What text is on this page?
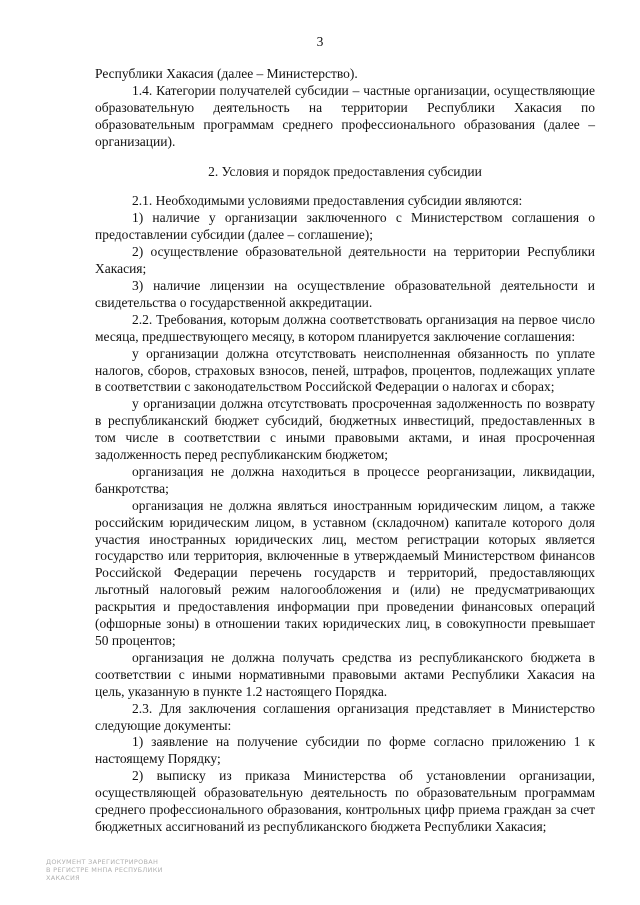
3

Республики Хакасия (далее – Министерство).

1.4. Категории получателей субсидии – частные организации, осуществляющие образовательную деятельность на территории Республики Хакасия по образовательным программам среднего профессионального образования (далее – организации).

2. Условия и порядок предоставления субсидии

2.1. Необходимыми условиями предоставления субсидии являются:

1) наличие у организации заключенного с Министерством соглашения о предоставлении субсидии (далее – соглашение);

2) осуществление образовательной деятельности на территории Республики Хакасия;

3) наличие лицензии на осуществление образовательной деятельности и свидетельства о государственной аккредитации.

2.2. Требования, которым должна соответствовать организация на первое число месяца, предшествующего месяцу, в котором планируется заключение соглашения:

у организации должна отсутствовать неисполненная обязанность по уплате налогов, сборов, страховых взносов, пеней, штрафов, процентов, подлежащих уплате в соответствии с законодательством Российской Федерации о налогах и сборах;

у организации должна отсутствовать просроченная задолженность по возврату в республиканский бюджет субсидий, бюджетных инвестиций, предоставленных в том числе в соответствии с иными правовыми актами, и иная просроченная задолженность перед республиканским бюджетом;

организация не должна находиться в процессе реорганизации, ликвидации, банкротства;

организация не должна являться иностранным юридическим лицом, а также российским юридическим лицом, в уставном (складочном) капитале которого доля участия иностранных юридических лиц, местом регистрации которых является государство или территория, включенные в утверждаемый Министерством финансов Российской Федерации перечень государств и территорий, предоставляющих льготный налоговый режим налогообложения и (или) не предусматривающих раскрытия и предоставления информации при проведении финансовых операций (офшорные зоны) в отношении таких юридических лиц, в совокупности превышает 50 процентов;

организация не должна получать средства из республиканского бюджета в соответствии с иными нормативными правовыми актами Республики Хакасия на цель, указанную в пункте 1.2 настоящего Порядка.

2.3. Для заключения соглашения организация представляет в Министерство следующие документы:

1) заявление на получение субсидии по форме согласно приложению 1 к настоящему Порядку;

2) выписку из приказа Министерства об установлении организации, осуществляющей образовательную деятельность по образовательным программам среднего профессионального образования, контрольных цифр приема граждан за счет бюджетных ассигнований из республиканского бюджета Республики Хакасия;

ДОКУМЕНТ ЗАРЕГИСТРИРОВАН
В РЕГИСТРЕ МНПА РЕСПУБЛИКИ
ХАКАСИЯ
